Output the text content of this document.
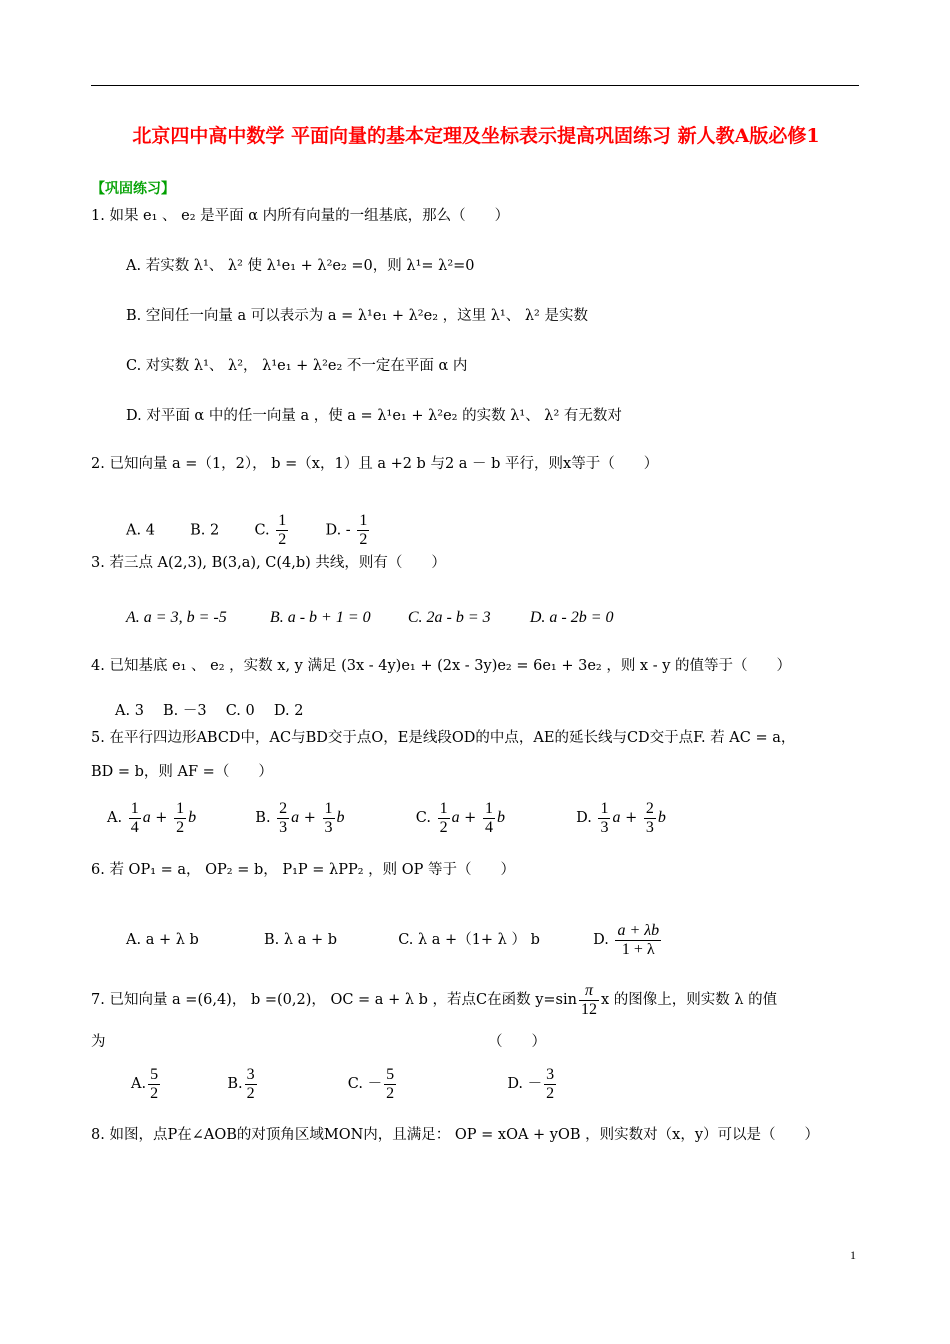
北京四中高中数学 平面向量的基本定理及坐标表示提高巩固练习 新人教A版必修1
【巩固练习】
1. 如果 e₁ 、 e₂ 是平面 α 内所有向量的一组基底，那么（　　）
A. 若实数 λ¹、 λ² 使 λ¹e₁ + λ²e₂ =0，则 λ¹= λ²=0
B. 空间任一向量 a 可以表示为 a = λ¹e₁ + λ²e₂ ，这里 λ¹、 λ² 是实数
C. 对实数 λ¹、 λ²， λ¹e₁ + λ²e₂ 不一定在平面 α 内
D. 对平面 α 中的任一向量 a ，使 a = λ¹e₁ + λ²e₂ 的实数 λ¹、 λ² 有无数对
2. 已知向量 a =（1，2）， b =（x，1）且 a +2 b 与2 a － b 平行，则x等于（　　）
A. 4 B. 2 C. $\frac{1}{2}$	D. - $\frac{1}{2}$
3. 若三点 A(2,3), B(3,a), C(4,b) 共线，则有（　　）
A. a = 3, b = -5	B. a - b + 1 = 0 C. 2a - b = 3 D. a - 2b = 0
4. 已知基底 e₁ 、 e₂ ，实数 x, y 满足 (3x - 4y)e₁ + (2x - 3y)e₂ = 6e₁ + 3e₂ ，则 x - y 的值等于（　　）
A. 3　 B. －3　 C. 0　 D. 2
5. 在平行四边形ABCD中，AC与BD交于点O，E是线段OD的中点，AE的延长线与CD交于点F. 若 AC = a，
BD = b，则 AF =（　　）
A. $\frac{1}{4}$ $a + \frac{1}{2}$ b	B. $\frac{2}{3}$ $a + \frac{1}{3}$ b	C. $\frac{1}{2}$ $a + \frac{1}{4}$ b	D. $\frac{1}{3}$ $a + \frac{2}{3}$ b
6. 若 OP₁ = a， OP₂ = b， P₁P = λPP₂ ，则 OP 等于（　　）
A. a + λ b	B. λ a + b	C. λ a +（1+ λ ） b	D. $\frac{a + \lambda b}{1 + \lambda}$
7. 已知向量 a =(6,4)， b =(0,2)， OC = a + λ b ，若点C在函数 $y=\sin \frac{\pi}{12}$ x 的图像上，则实数 λ 的值
为	（　　）
A. $\frac{5}{2}$	B. $\frac{3}{2}$	C. － $\frac{5}{2}$	D. － $\frac{3}{2}$
8. 如图，点P在∠AOB的对顶角区域MON内，且满足： OP = xOA + yOB ，则实数对（x，y）可以是（　　）
1
